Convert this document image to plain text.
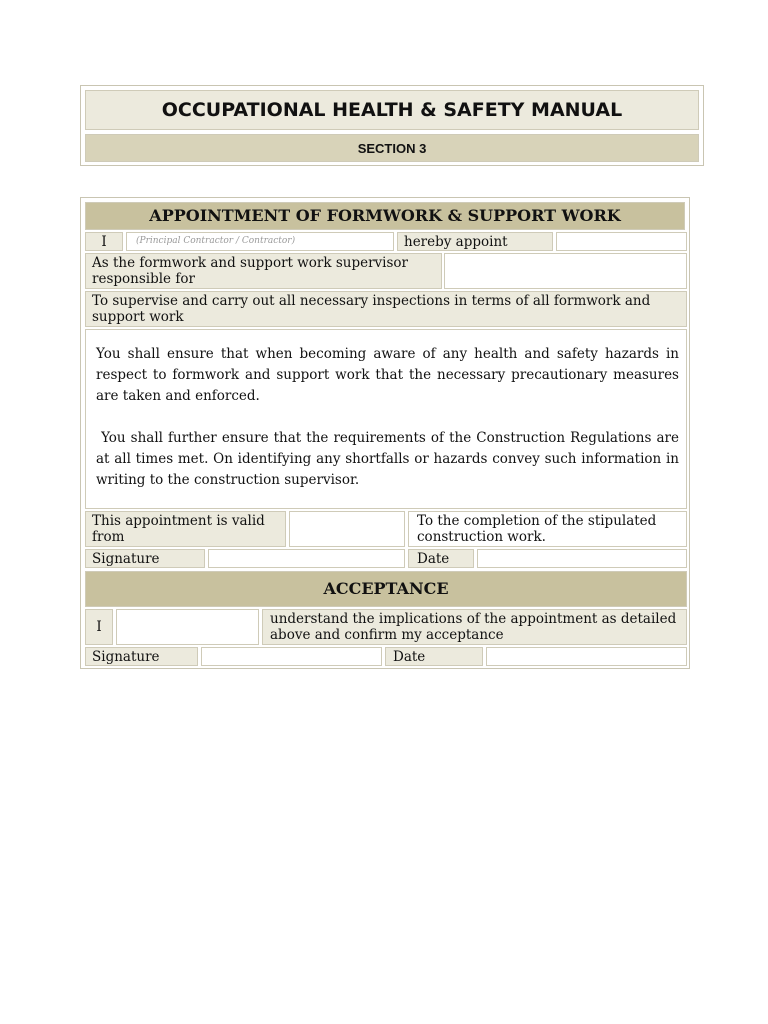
OCCUPATIONAL HEALTH & SAFETY MANUAL
SECTION 3
APPOINTMENT OF FORMWORK & SUPPORT WORK
I	(Principal Contractor / Contractor)	hereby appoint
As the formwork and support work supervisor responsible for
To supervise and carry out all necessary inspections in terms of all formwork and support work

You shall ensure that when becoming aware of any health and safety hazards in respect to formwork and support work that the necessary precautionary measures are taken and enforced.

You shall further ensure that the requirements of the Construction Regulations are at all times met. On identifying any shortfalls or hazards convey such information in writing to the construction supervisor.

This appointment is valid from
To the completion of the stipulated construction work.
Signature	Date
ACCEPTANCE
I	understand the implications of the appointment as detailed above and confirm my acceptance
Signature	Date
